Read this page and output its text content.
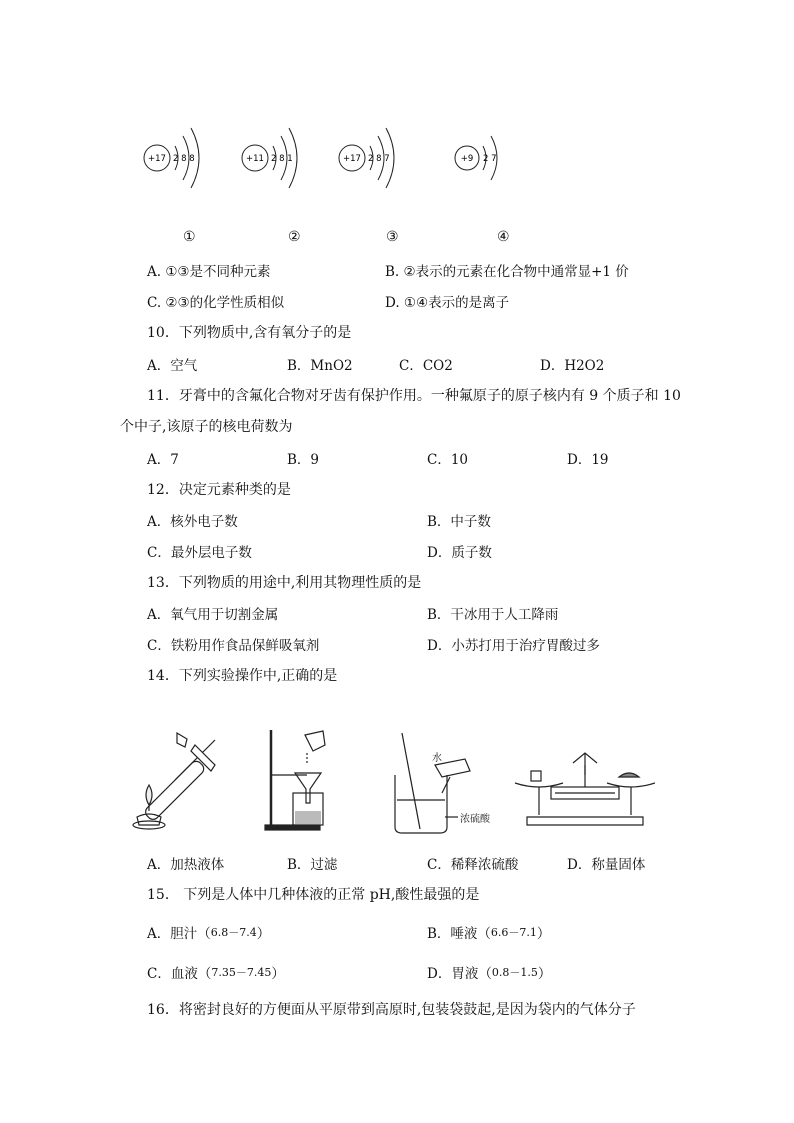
+17 2 8 8	+11 2 8 1	+17 2 8 7	+9 2 7
①	②	③	④
A. ①③是不同种元素	B. ②表示的元素在化合物中通常显+1 价
C. ②③的化学性质相似	D. ①④表示的是离子
10．下列物质中,含有氧分子的是
A．空气	B．MnO2	C．CO2	D．H2O2
11．牙膏中的含氟化合物对牙齿有保护作用。一种氟原子的原子核内有 9 个质子和 10
个中子,该原子的核电荷数为
A．7	B．9	C．10	D．19
12．决定元素种类的是
A．核外电子数	B．中子数
C．最外层电子数	D．质子数
13．下列物质的用途中,利用其物理性质的是
A．氧气用于切割金属	B．干冰用于人工降雨
C．铁粉用作食品保鲜吸氧剂	D．小苏打用于治疗胃酸过多
14．下列实验操作中,正确的是
水
浓硫酸
A．加热液体	B．过滤	C．稀释浓硫酸	D．称量固体
15． 下列是人体中几种体液的正常 pH,酸性最强的是
A．胆汁（6.8－7.4）	B．唾液（6.6－7.1）
C．血液（7.35－7.45）	D．胃液（0.8－1.5）
16．将密封良好的方便面从平原带到高原时,包装袋鼓起,是因为袋内的气体分子
